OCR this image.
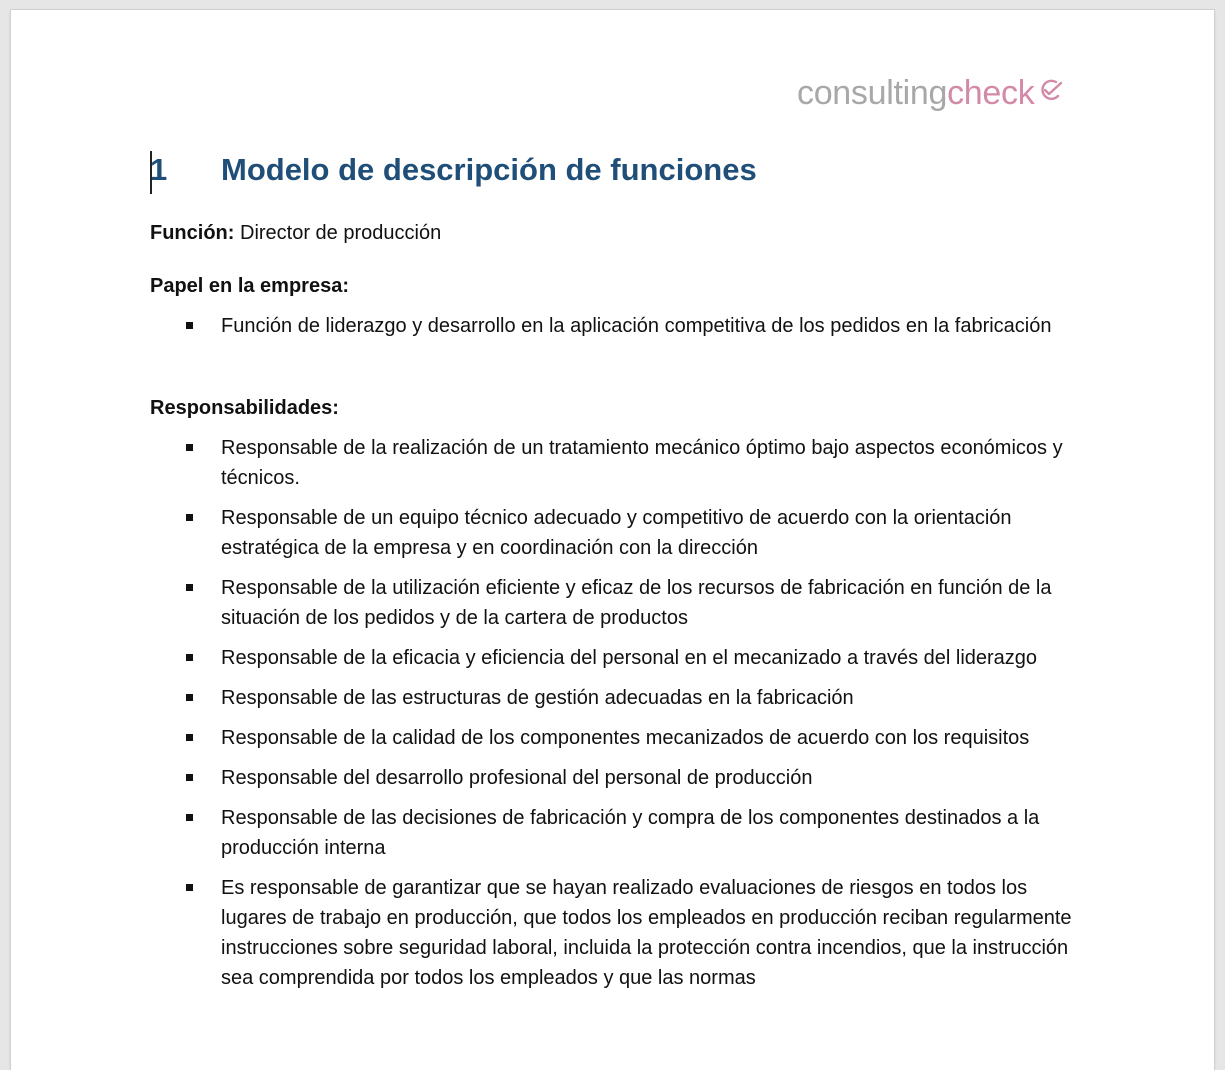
consultingcheck
1	Modelo de descripción de funciones

Función: Director de producción

Papel en la empresa:

Función de liderazgo y desarrollo en la aplicación competitiva de los pedidos en la fabricación

Responsabilidades:

Responsable de la realización de un tratamiento mecánico óptimo bajo aspectos económicos y técnicos.
Responsable de un equipo técnico adecuado y competitivo de acuerdo con la orientación estratégica de la empresa y en coordinación con la dirección
Responsable de la utilización eficiente y eficaz de los recursos de fabricación en función de la situación de los pedidos y de la cartera de productos
Responsable de la eficacia y eficiencia del personal en el mecanizado a través del liderazgo
Responsable de las estructuras de gestión adecuadas en la fabricación
Responsable de la calidad de los componentes mecanizados de acuerdo con los requisitos
Responsable del desarrollo profesional del personal de producción
Responsable de las decisiones de fabricación y compra de los componentes destinados a la producción interna
Es responsable de garantizar que se hayan realizado evaluaciones de riesgos en todos los lugares de trabajo en producción, que todos los empleados en producción reciban regularmente instrucciones sobre seguridad laboral, incluida la protección contra incendios, que la instrucción sea comprendida por todos los empleados y que las normas
